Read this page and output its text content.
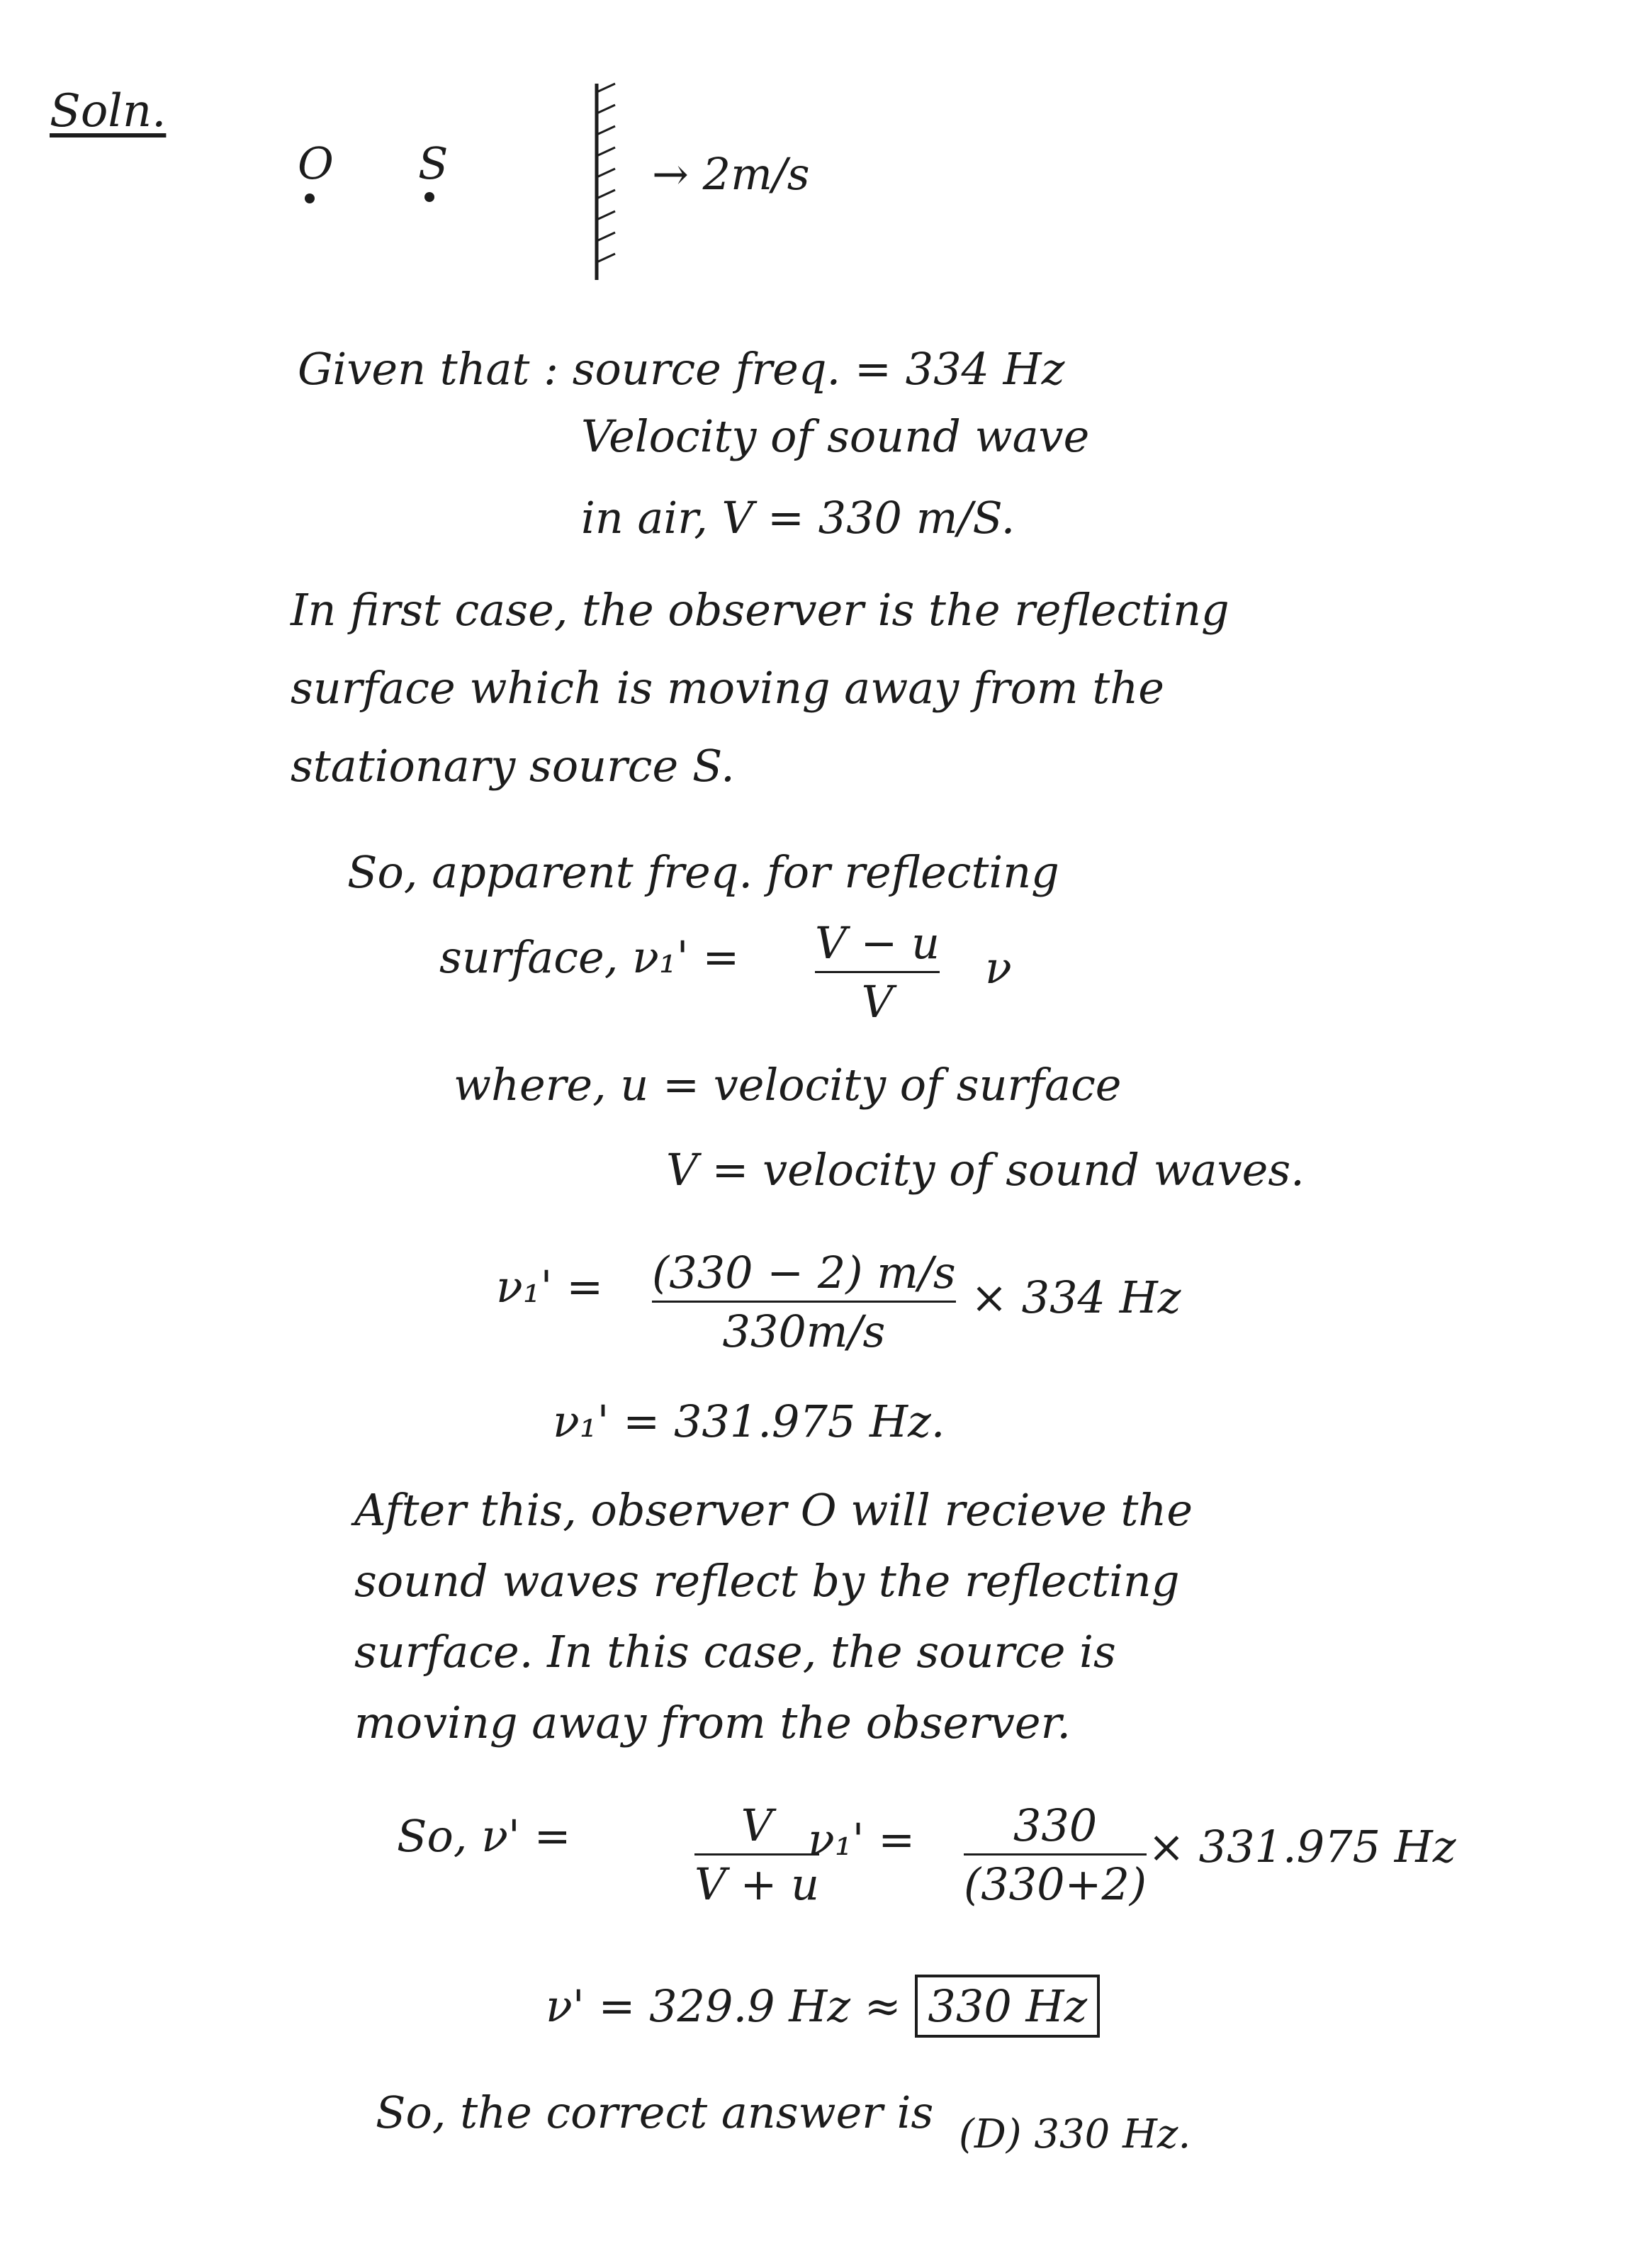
Soln.
O S	→ 2m/s
Given that : source freq. = 334 Hz
Velocity of sound wave
in air, V = 330 m/S.
In first case, the observer is the reflecting
surface which is moving away from the
stationary source S.
So, apparent freq. for reflecting
surface, ν₁' = V − u
V
ν
where, u = velocity of surface
V = velocity of sound waves.
ν₁' = (330 − 2) m/s
330m/s
× 334 Hz
ν₁' = 331.975 Hz.
After this, observer O will recieve the
sound waves reflect by the reflecting
surface. In this case, the source is
moving away from the observer.
So, ν' =	V
V + u
ν₁' = 330
(330+2)
× 331.975 Hz
ν' = 329.9 Hz ≈ 330 Hz
So, the correct answer is (D) 330 Hz.
